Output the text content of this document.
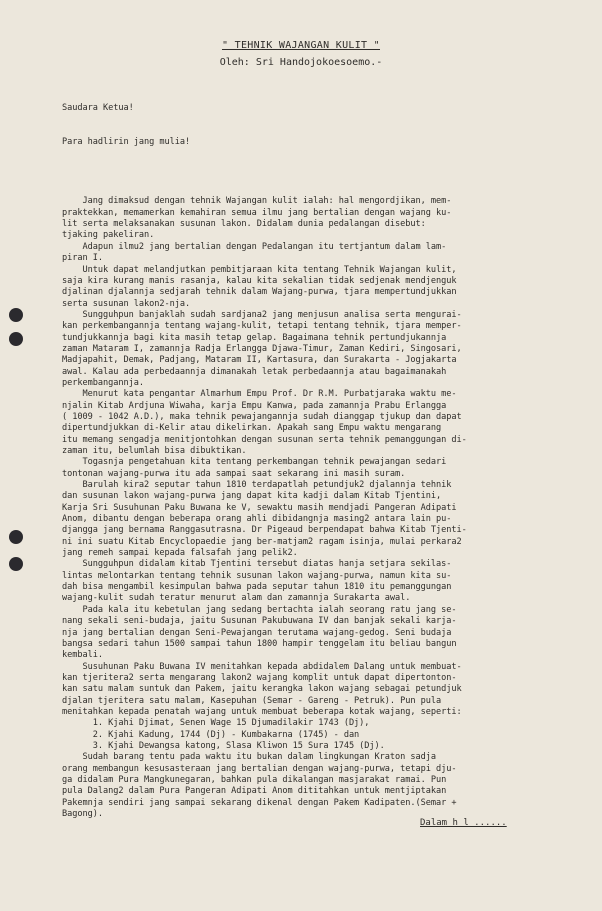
" TEHNIK WAJANGAN KULIT "
Oleh: Sri Handojokoesoemo.-

Saudara Ketua!

Para hadlirin jang mulia!

Jang dimaksud dengan tehnik Wajangan kulit ialah: hal mengordjikan, mem-
praktekkan, memamerkan kemahiran semua ilmu jang bertalian dengan wajang ku-
lit serta melaksanakan susunan lakon. Didalam dunia pedalangan disebut:
tjaking pakeliran.
Adapun ilmu2 jang bertalian dengan Pedalangan itu tertjantum dalam lam-
piran I.
Untuk dapat melandjutkan pembitjaraan kita tentang Tehnik Wajangan kulit,
saja kira kurang manis rasanja, kalau kita sekalian tidak sedjenak mendjenguk
djalinan djalannja sedjarah tehnik dalam Wajang-purwa, tjara mempertundjukkan
serta susunan lakon2-nja.
Sungguhpun banjaklah sudah sardjana2 jang menjusun analisa serta mengurai-
kan perkembangannja tentang wajang-kulit, tetapi tentang tehnik, tjara memper-
tundjukkannja bagi kita masih tetap gelap. Bagaimana tehnik pertundjukannja
zaman Mataram I, zamannja Radja Erlangga Djawa-Timur, Zaman Kediri, Singosari,
Madjapahit, Demak, Padjang, Mataram II, Kartasura, dan Surakarta - Jogjakarta
awal. Kalau ada perbedaannja dimanakah letak perbedaannja atau bagaimanakah
perkembangannja.
Menurut kata pengantar Almarhum Empu Prof. Dr R.M. Purbatjaraka waktu me-
njalin Kitab Ardjuna Wiwaha, karja Empu Kanwa, pada zamannja Prabu Erlangga
( 1009 - 1042 A.D.), maka tehnik pewajangannja sudah dianggap tjukup dan dapat
dipertundjukkan di-Kelir atau dikelirkan. Apakah sang Empu waktu mengarang
itu memang sengadja menitjontohkan dengan susunan serta tehnik pemanggungan di-
zaman itu, belumlah bisa dibuktikan.
Togasnja pengetahuan kita tentang perkembangan tehnik pewajangan sedari
tontonan wajang-purwa itu ada sampai saat sekarang ini masih suram.
Barulah kira2 seputar tahun 1810 terdapatlah petundjuk2 djalannja tehnik
dan susunan lakon wajang-purwa jang dapat kita kadji dalam Kitab Tjentini,
Karja Sri Susuhunan Paku Buwana ke V, sewaktu masih mendjadi Pangeran Adipati
Anom, dibantu dengan beberapa orang ahli dibidangnja masing2 antara lain pu-
djangga jang bernama Ranggasutrasna. Dr Pigeaud berpendapat bahwa Kitab Tjenti-
ni ini suatu Kitab Encyclopaedie jang ber-matjam2 ragam isinja, mulai perkara2
jang remeh sampai kepada falsafah jang pelik2.
Sungguhpun didalam kitab Tjentini tersebut diatas hanja setjara sekilas-
lintas melontarkan tentang tehnik susunan lakon wajang-purwa, namun kita su-
dah bisa mengambil kesimpulan bahwa pada seputar tahun 1810 itu pemanggungan
wajang-kulit sudah teratur menurut alam dan zamannja Surakarta awal.
Pada kala itu kebetulan jang sedang bertachta ialah seorang ratu jang se-
nang sekali seni-budaja, jaitu Susunan Pakubuwana IV dan banjak sekali karja-
nja jang bertalian dengan Seni-Pewajangan terutama wajang-gedog. Seni budaja
bangsa sedari tahun 1500 sampai tahun 1800 hampir tenggelam itu beliau bangun
kembali.
Susuhunan Paku Buwana IV menitahkan kepada abdidalem Dalang untuk membuat-
kan tjeritera2 serta mengarang lakon2 wajang komplit untuk dapat dipertonton-
kan satu malam suntuk dan Pakem, jaitu kerangka lakon wajang sebagai petundjuk
djalan tjeritera satu malam, Kasepuhan (Semar - Gareng - Petruk). Pun pula
menitahkan kepada penatah wajang untuk membuat beberapa kotak wajang, seperti:
1. Kjahi Djimat, Senen Wage 15 Djumadilakir 1743 (Dj),
2. Kjahi Kadung, 1744 (Dj) - Kumbakarna (1745) - dan
3. Kjahi Dewangsa katong, Slasa Kliwon 15 Sura 1745 (Dj).
Sudah barang tentu pada waktu itu bukan dalam lingkungan Kraton sadja
orang membangun kesusasteraan jang bertalian dengan wajang-purwa, tetapi dju-
ga didalam Pura Mangkunegaran, bahkan pula dikalangan masjarakat ramai. Pun
pula Dalang2 dalam Pura Pangeran Adipati Anom dititahkan untuk mentjiptakan
Pakemnja sendiri jang sampai sekarang dikenal dengan Pakem Kadipaten.(Semar +
Bagong).

Dalam h l ......
